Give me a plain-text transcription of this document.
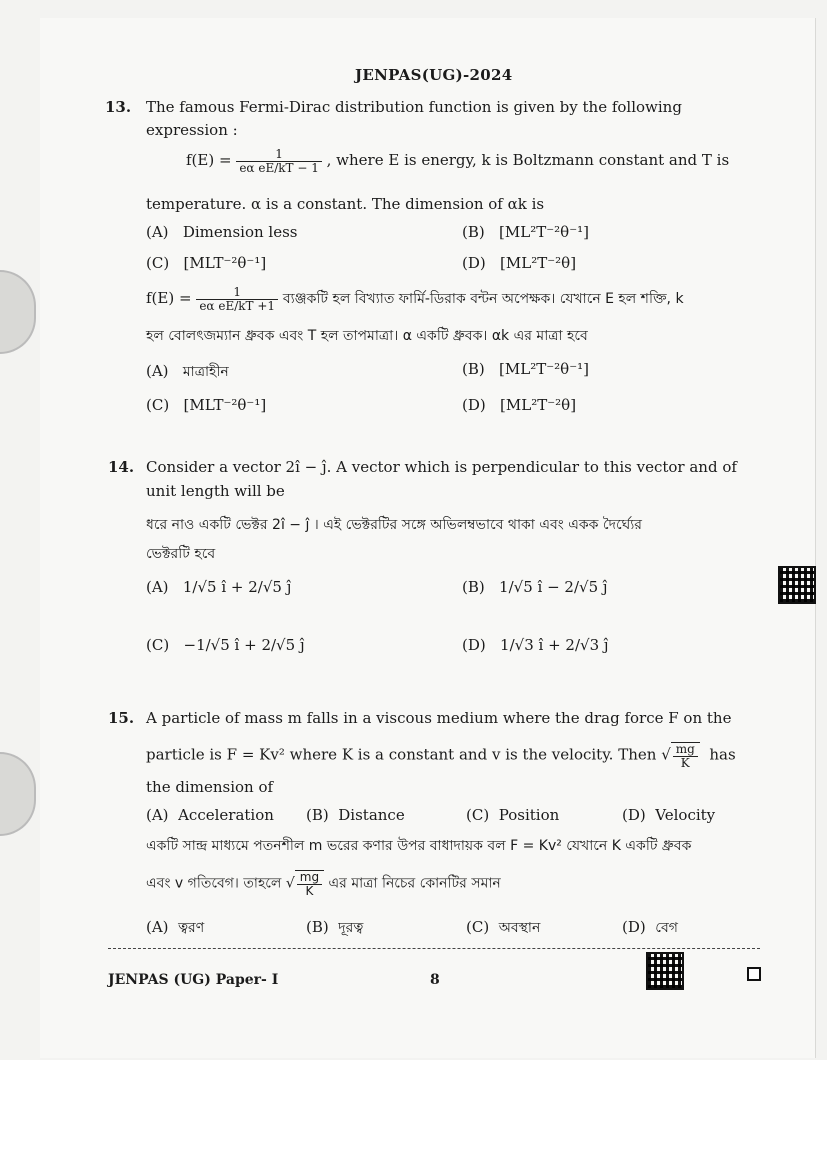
JENPAS(UG)-2024
13. The famous Fermi-Dirac distribution function is given by the following
expression :
$f(E) = \frac{1}{\text{eα eE/kT − 1}}$ , where E is energy, k is Boltzmann constant and T is
temperature. α is a constant. The dimension of αk is
(A) Dimension less	(B) [ML²T⁻²θ⁻¹]
(C) [MLT⁻²θ⁻¹]	(D) [ML²T⁻²θ]
$f(E) = \frac{1}{\text{eα eE/kT +1}}$ ব্যঞ্জকটি হল বিখ্যাত ফার্মি-ডিরাক বন্টন অপেক্ষক। যেখানে E হল শক্তি, k
হল বোলৎজম্যান ধ্রুবক এবং T হল তাপমাত্রা। α একটি ধ্রুবক। αk এর মাত্রা হবে
(A) মাত্রাহীন	(B) [ML²T⁻²θ⁻¹]
(C) [MLT⁻²θ⁻¹]	(D) [ML²T⁻²θ]
14. Consider a vector 2î − ĵ. A vector which is perpendicular to this vector and of
unit length will be
ধরে নাও একটি ভেক্টর 2î − ĵ । এই ভেক্টরটির সঙ্গে অভিলম্বভাবে থাকা এবং একক দৈর্ঘ্যের
ভেক্টরটি হবে
(A) 1/√5 î + 2/√5 ĵ	(B) 1/√5 î − 2/√5 ĵ
(C) −1/√5 î + 2/√5 ĵ	(D) 1/√3 î + 2/√3 ĵ
15. A particle of mass m falls in a viscous medium where the drag force F on the
particle is F = Kv² where K is a constant and v is the velocity. Then √ $\frac{mg}{K}$ has
the dimension of
(A) Acceleration (B) Distance	(C) Position	(D) Velocity
একটি সান্দ্র মাধ্যমে পতনশীল m ভরের কণার উপর বাধাদায়ক বল F = Kv² যেখানে K একটি ধ্রুবক
এবং v গতিবেগ। তাহলে √ $\frac{mg}{K}$ এর মাত্রা নিচের কোনটির সমান
(A) ত্বরণ	(B) দূরত্ব	(C) অবস্থান	(D) বেগ
JENPAS (UG) Paper- I	8
